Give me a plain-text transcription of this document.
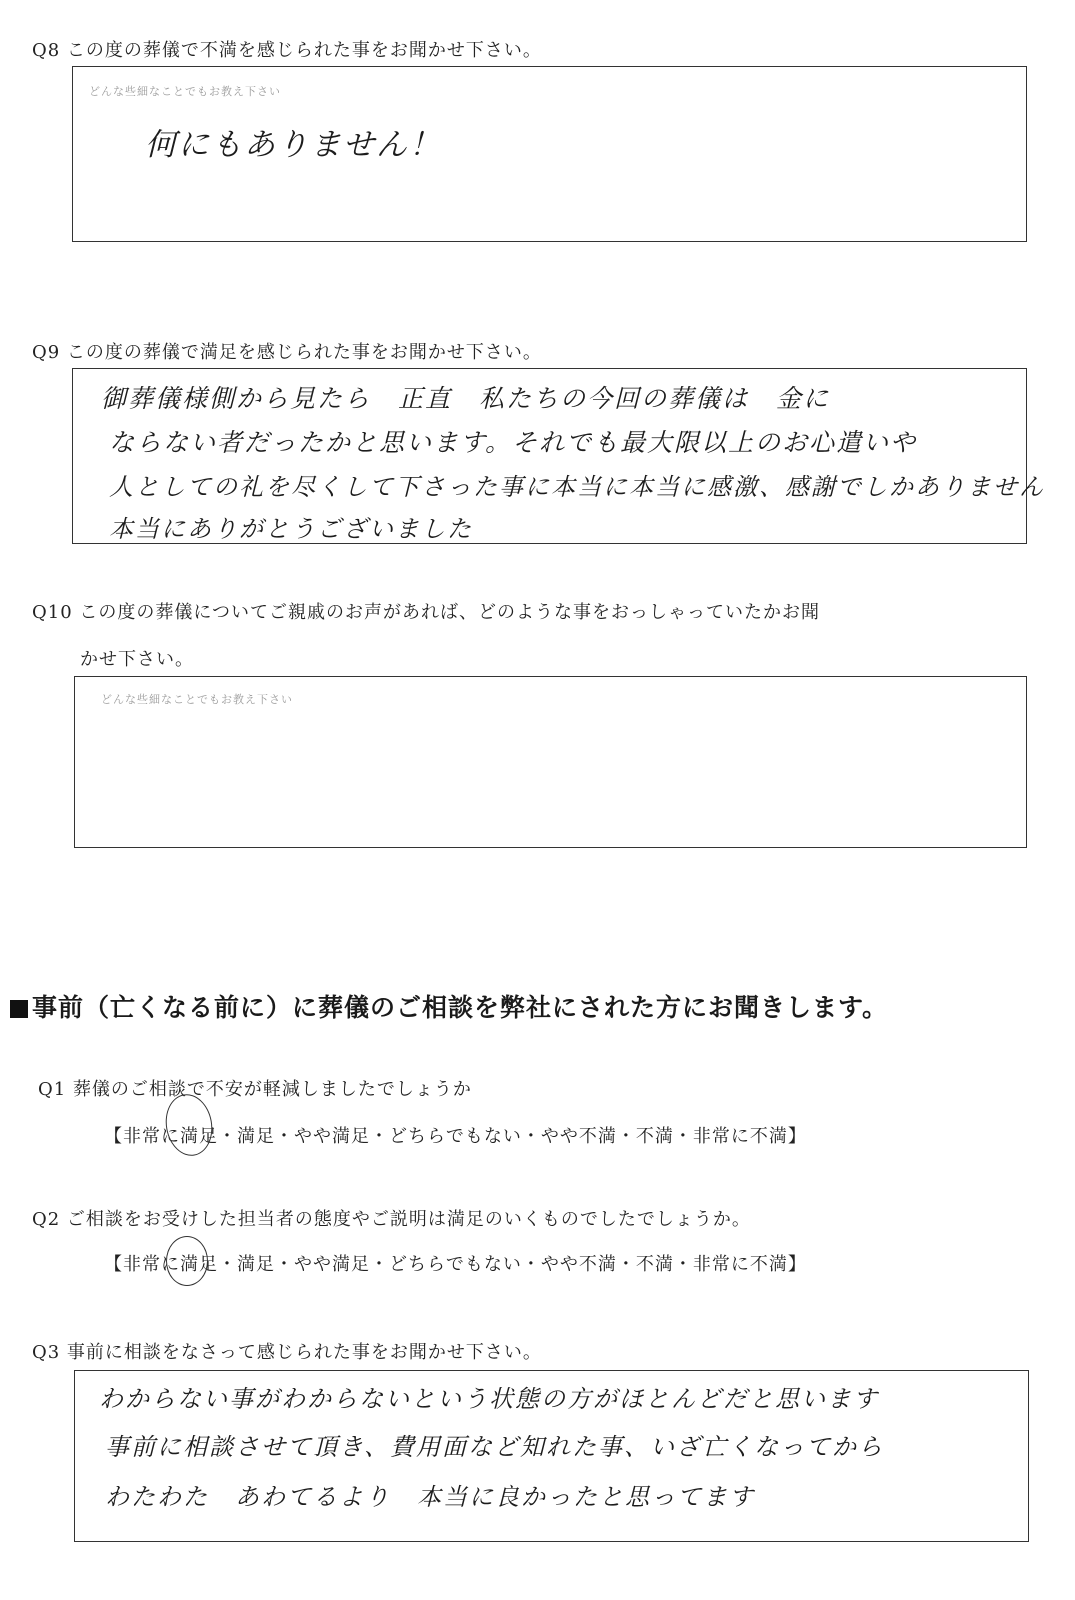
Q8 この度の葬儀で不満を感じられた事をお聞かせ下さい。
どんな些細なことでもお教え下さい
何にもありません！
Q9 この度の葬儀で満足を感じられた事をお聞かせ下さい。
御葬儀様側から見たら　正直　私たちの今回の葬儀は　金に
ならない者だったかと思います。それでも最大限以上のお心遣いや
人としての礼を尽くして下さった事に本当に本当に感激、感謝でしかありません
本当にありがとうございました
Q10 この度の葬儀についてご親戚のお声があれば、どのような事をおっしゃっていたかお聞
かせ下さい。
どんな些細なことでもお教え下さい
事前（亡くなる前に）に葬儀のご相談を弊社にされた方にお聞きします。
Q1 葬儀のご相談で不安が軽減しましたでしょうか
【非常に満足・満足・やや満足・どちらでもない・やや不満・不満・非常に不満】
Q2 ご相談をお受けした担当者の態度やご説明は満足のいくものでしたでしょうか。
【非常に満足・満足・やや満足・どちらでもない・やや不満・不満・非常に不満】
Q3 事前に相談をなさって感じられた事をお聞かせ下さい。
わからない事がわからないという状態の方がほとんどだと思います
事前に相談させて頂き、費用面など知れた事、いざ亡くなってから
わたわた　あわてるより　本当に良かったと思ってます
